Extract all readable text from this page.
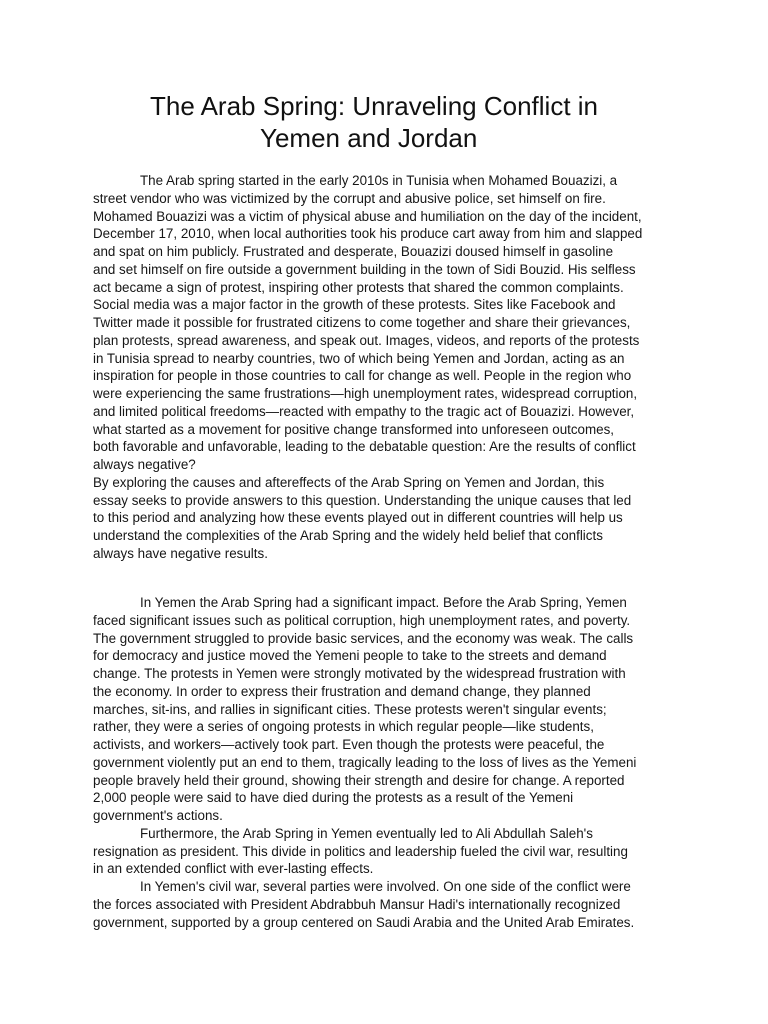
The Arab Spring: Unraveling Conflict in
Yemen and Jordan
The Arab spring started in the early 2010s in Tunisia when Mohamed Bouazizi, a
street vendor who was victimized by the corrupt and abusive police, set himself on fire.
Mohamed Bouazizi was a victim of physical abuse and humiliation on the day of the incident,
December 17, 2010, when local authorities took his produce cart away from him and slapped
and spat on him publicly. Frustrated and desperate, Bouazizi doused himself in gasoline
and set himself on fire outside a government building in the town of Sidi Bouzid. His selfless
act became a sign of protest, inspiring other protests that shared the common complaints.
Social media was a major factor in the growth of these protests. Sites like Facebook and
Twitter made it possible for frustrated citizens to come together and share their grievances,
plan protests, spread awareness, and speak out. Images, videos, and reports of the protests
in Tunisia spread to nearby countries, two of which being Yemen and Jordan, acting as an
inspiration for people in those countries to call for change as well. People in the region who
were experiencing the same frustrations—high unemployment rates, widespread corruption,
and limited political freedoms—reacted with empathy to the tragic act of Bouazizi. However,
what started as a movement for positive change transformed into unforeseen outcomes,
both favorable and unfavorable, leading to the debatable question: Are the results of conflict
always negative?
By exploring the causes and aftereffects of the Arab Spring on Yemen and Jordan, this
essay seeks to provide answers to this question. Understanding the unique causes that led
to this period and analyzing how these events played out in different countries will help us
understand the complexities of the Arab Spring and the widely held belief that conflicts
always have negative results.
In Yemen the Arab Spring had a significant impact. Before the Arab Spring, Yemen
faced significant issues such as political corruption, high unemployment rates, and poverty.
The government struggled to provide basic services, and the economy was weak. The calls
for democracy and justice moved the Yemeni people to take to the streets and demand
change. The protests in Yemen were strongly motivated by the widespread frustration with
the economy. In order to express their frustration and demand change, they planned
marches, sit-ins, and rallies in significant cities. These protests weren't singular events;
rather, they were a series of ongoing protests in which regular people—like students,
activists, and workers—actively took part. Even though the protests were peaceful, the
government violently put an end to them, tragically leading to the loss of lives as the Yemeni
people bravely held their ground, showing their strength and desire for change. A reported
2,000 people were said to have died during the protests as a result of the Yemeni
government's actions.
Furthermore, the Arab Spring in Yemen eventually led to Ali Abdullah Saleh's
resignation as president. This divide in politics and leadership fueled the civil war, resulting
in an extended conflict with ever-lasting effects.
In Yemen's civil war, several parties were involved. On one side of the conflict were
the forces associated with President Abdrabbuh Mansur Hadi's internationally recognized
government, supported by a group centered on Saudi Arabia and the United Arab Emirates.
